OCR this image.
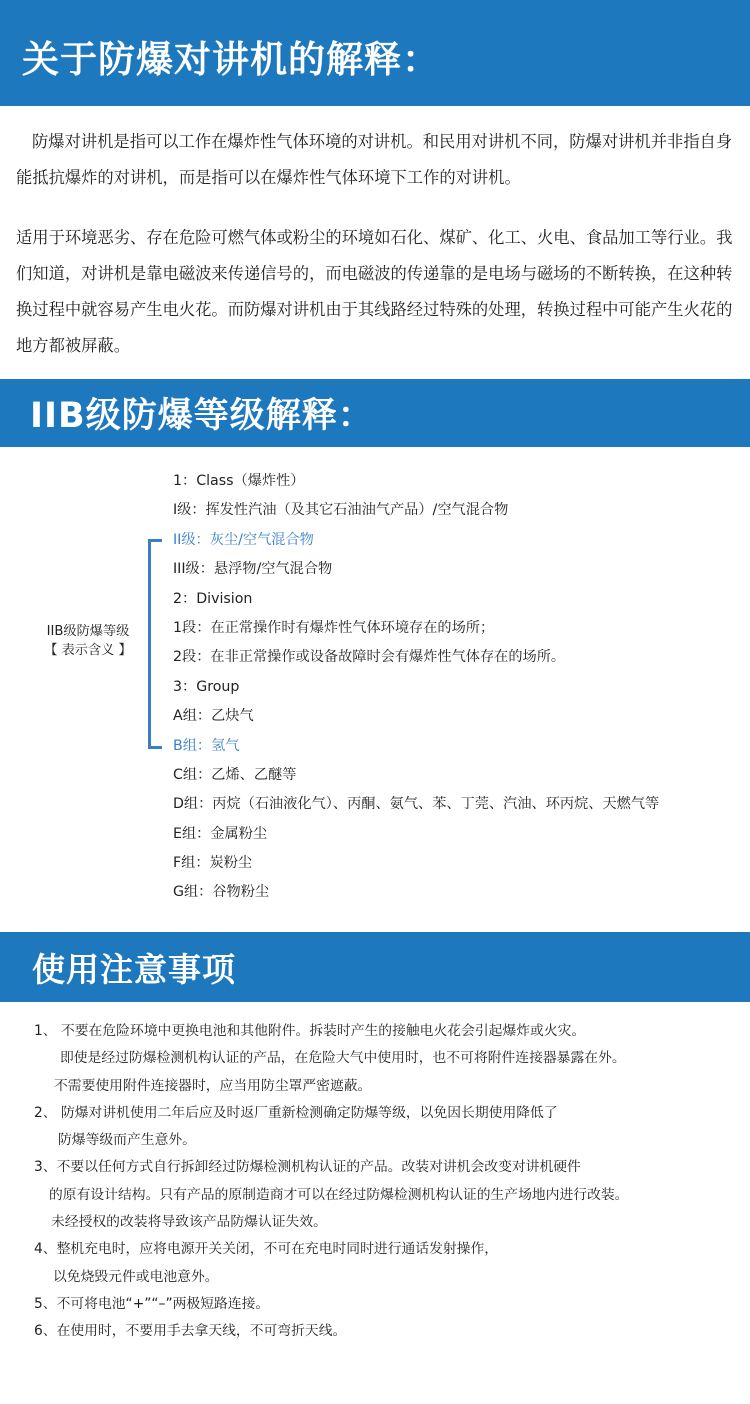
关于防爆对讲机的解释：

防爆对讲机是指可以工作在爆炸性气体环境的对讲机。和民用对讲机不同，防爆对讲机并非指自身能抵抗爆炸的对讲机，而是指可以在爆炸性气体环境下工作的对讲机。

适用于环境恶劣、存在危险可燃气体或粉尘的环境如石化、煤矿、化工、火电、食品加工等行业。我们知道，对讲机是靠电磁波来传递信号的，而电磁波的传递靠的是电场与磁场的不断转换，在这种转换过程中就容易产生电火花。而防爆对讲机由于其线路经过特殊的处理，转换过程中可能产生火花的地方都被屏蔽。

IIB级防爆等级解释：
IIB级防爆等级
【 表示含义 】
1：Class（爆炸性）
I级：挥发性汽油（及其它石油油气产品）/空气混合物
II级：灰尘/空气混合物
III级：悬浮物/空气混合物
2：Division
1段：在正常操作时有爆炸性气体环境存在的场所；
2段：在非正常操作或设备故障时会有爆炸性气体存在的场所。
3：Group
A组：乙炔气
B组：氢气
C组：乙烯、乙醚等
D组：丙烷（石油液化气）、丙酮、氨气、苯、丁莞、汽油、环丙烷、天燃气等
E组：金属粉尘
F组：炭粉尘
G组：谷物粉尘
使用注意事项
1、 不要在危险环境中更换电池和其他附件。拆装时产生的接触电火花会引起爆炸或火灾。
即使是经过防爆检测机构认证的产品，在危险大气中使用时，也不可将附件连接器暴露在外。
不需要使用附件连接器时，应当用防尘罩严密遮蔽。
2、 防爆对讲机使用二年后应及时返厂重新检测确定防爆等级，以免因长期使用降低了
防爆等级而产生意外。
3、不要以任何方式自行拆卸经过防爆检测机构认证的产品。改装对讲机会改变对讲机硬件
的原有设计结构。只有产品的原制造商才可以在经过防爆检测机构认证的生产场地内进行改装。
未经授权的改装将导致该产品防爆认证失效。
4、整机充电时，应将电源开关关闭，不可在充电时同时进行通话发射操作，
以免烧毁元件或电池意外。
5、不可将电池“+”“–”两极短路连接。
6、在使用时，不要用手去拿天线，不可弯折天线。
